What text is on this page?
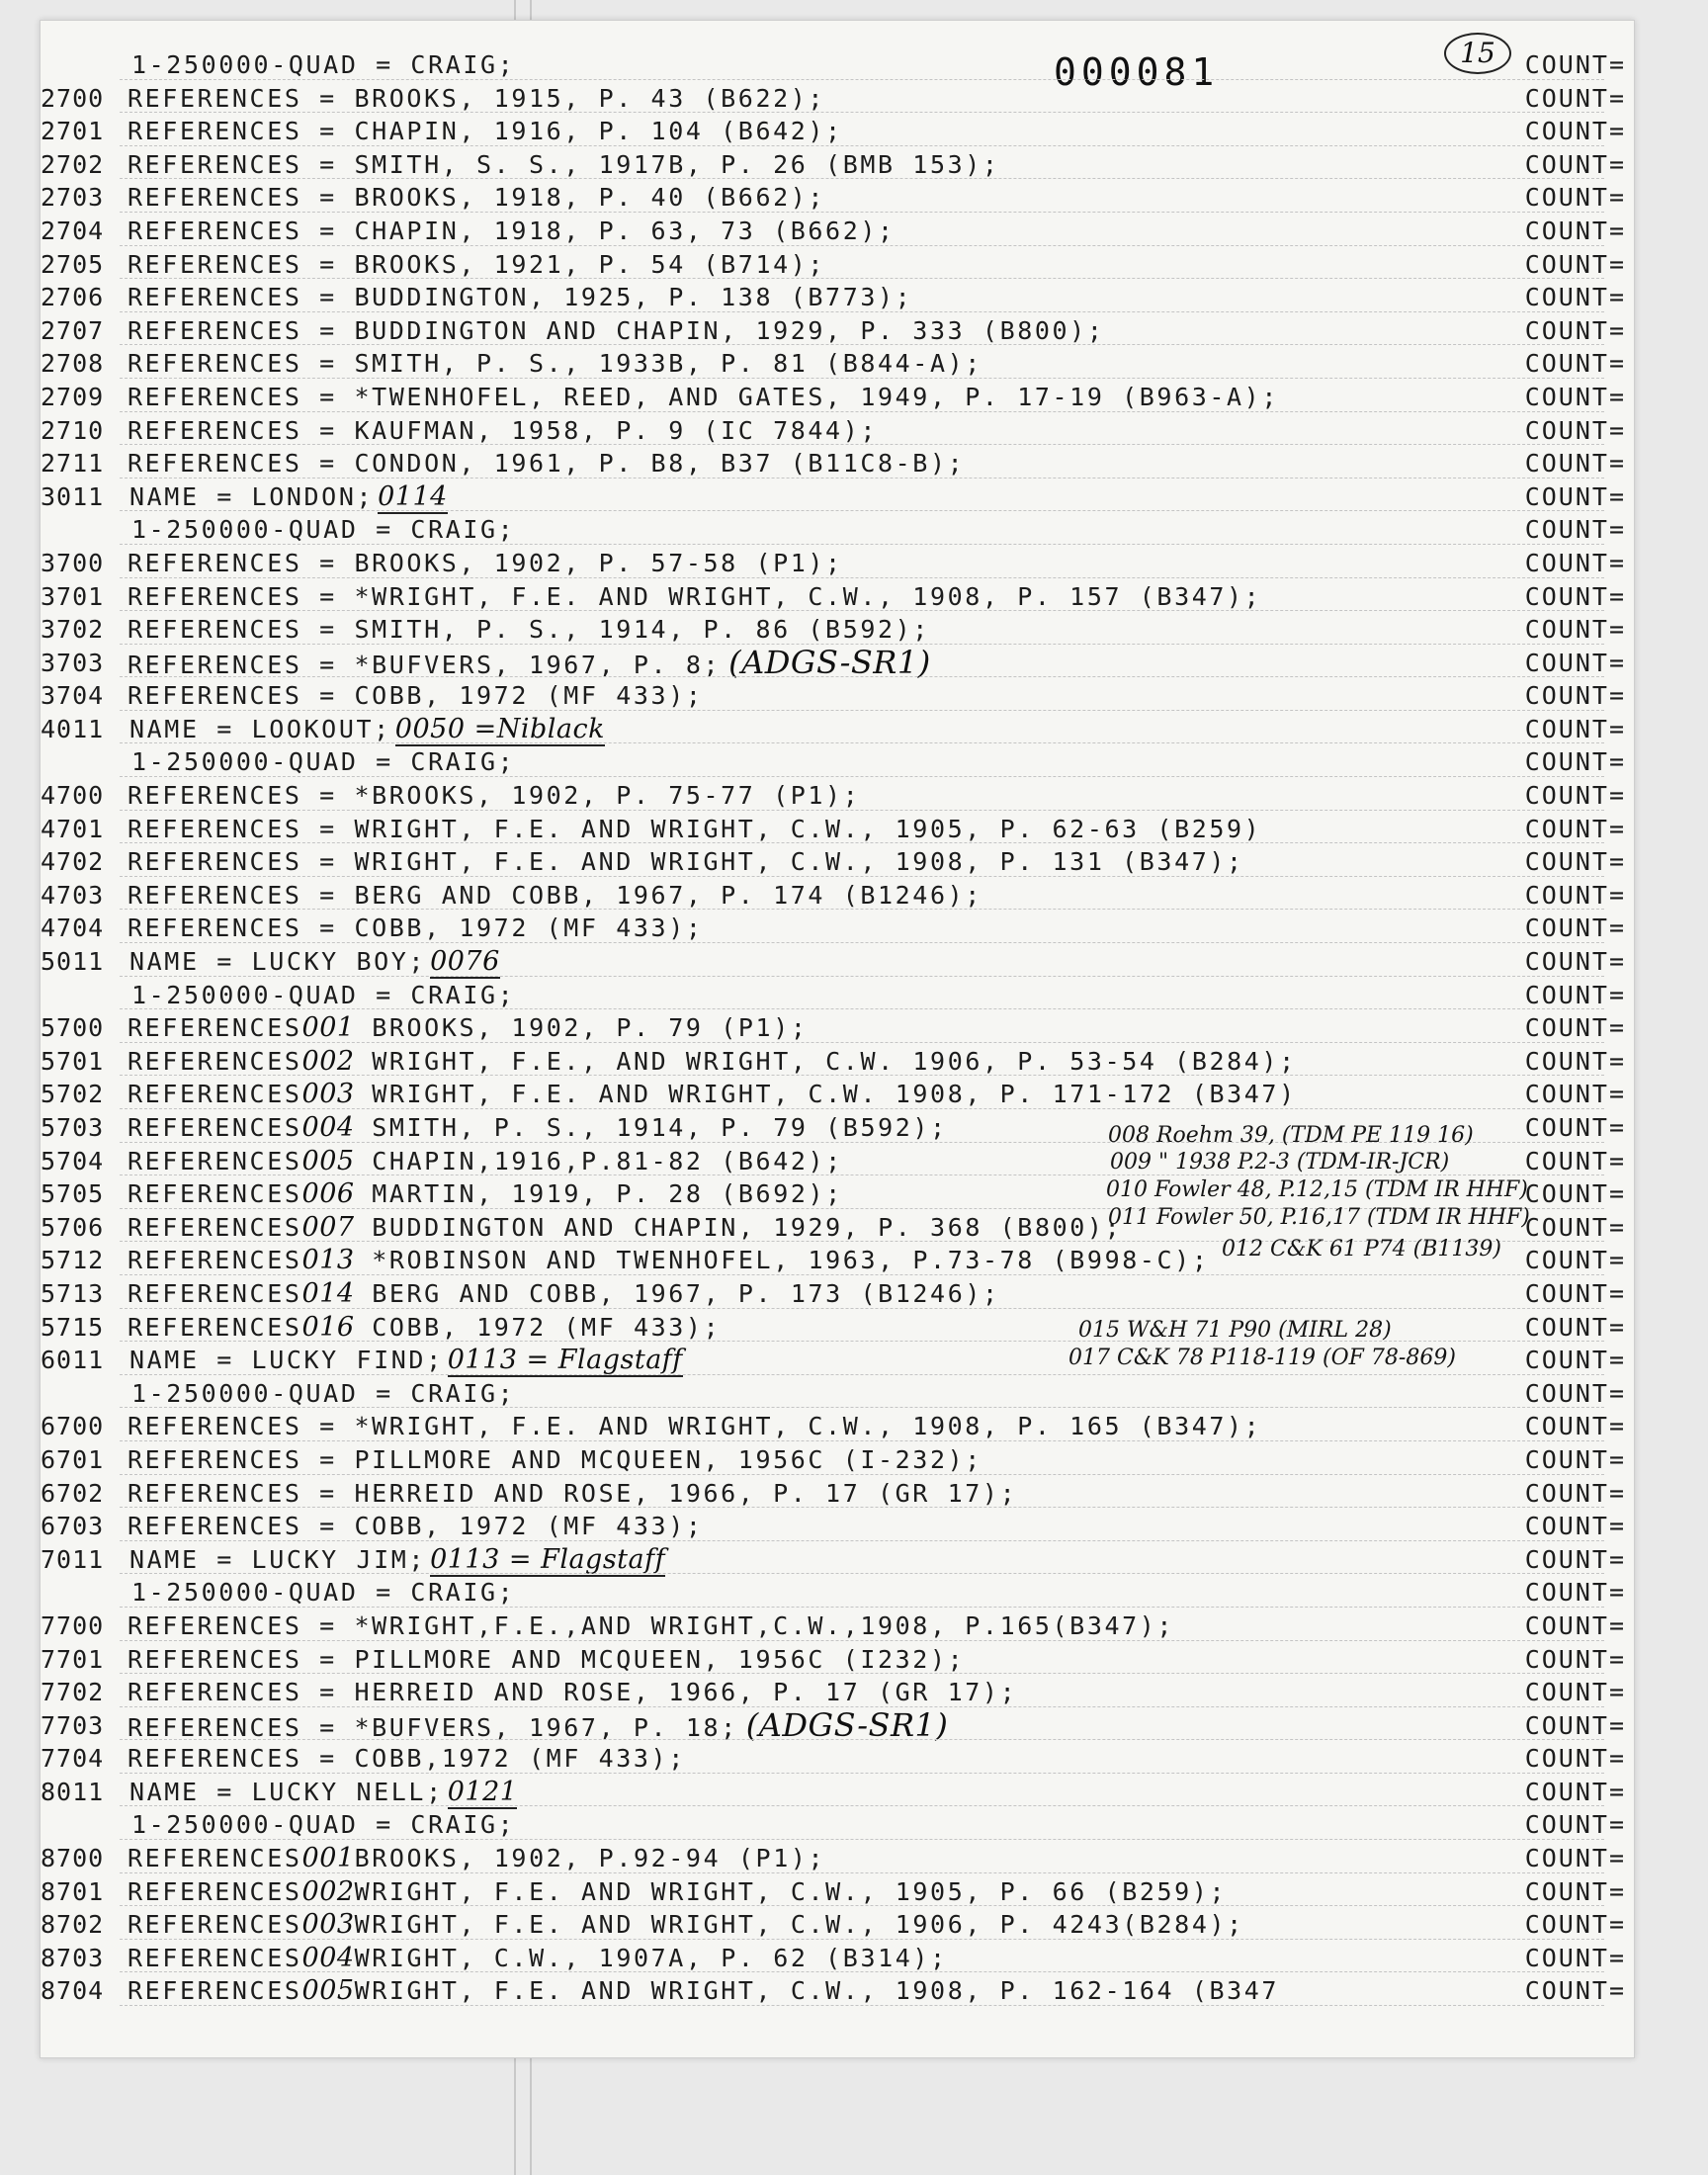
000081	15
1-250000-QUAD = CRAIG;	COUNT=
2700 REFERENCES = BROOKS, 1915, P. 43 (B622);	COUNT=
2701 REFERENCES = CHAPIN, 1916, P. 104 (B642);	COUNT=
2702 REFERENCES = SMITH, S. S., 1917B, P. 26 (BMB 153);	COUNT=
2703 REFERENCES = BROOKS, 1918, P. 40 (B662);	COUNT=
2704 REFERENCES = CHAPIN, 1918, P. 63, 73 (B662);	COUNT=
2705 REFERENCES = BROOKS, 1921, P. 54 (B714);	COUNT=
2706 REFERENCES = BUDDINGTON, 1925, P. 138 (B773);	COUNT=
2707 REFERENCES = BUDDINGTON AND CHAPIN, 1929, P. 333 (B800);	COUNT=
2708 REFERENCES = SMITH, P. S., 1933B, P. 81 (B844-A);	COUNT=
2709 REFERENCES = *TWENHOFEL, REED, AND GATES, 1949, P. 17-19 (B963-A);	COUNT=
2710 REFERENCES = KAUFMAN, 1958, P. 9 (IC 7844);	COUNT=
2711 REFERENCES = CONDON, 1961, P. B8, B37 (B11C8-B);	COUNT=
3011	NAME = LONDON; 0114	COUNT=
1-250000-QUAD = CRAIG;	COUNT=
3700 REFERENCES = BROOKS, 1902, P. 57-58 (P1);	COUNT=
3701 REFERENCES = *WRIGHT, F.E. AND WRIGHT, C.W., 1908, P. 157 (B347);	COUNT=
3702 REFERENCES = SMITH, P. S., 1914, P. 86 (B592);	COUNT=
3703 REFERENCES = *BUFVERS, 1967, P. 8; (ADGS-SR1)	COUNT=
3704 REFERENCES = COBB, 1972 (MF 433);	COUNT=
4011	NAME = LOOKOUT; 0050 =Niblack	COUNT=
1-250000-QUAD = CRAIG;	COUNT=
4700 REFERENCES = *BROOKS, 1902, P. 75-77 (P1);	COUNT=
4701 REFERENCES = WRIGHT, F.E. AND WRIGHT, C.W., 1905, P. 62-63 (B259)	COUNT=
4702 REFERENCES = WRIGHT, F.E. AND WRIGHT, C.W., 1908, P. 131 (B347);	COUNT=
4703 REFERENCES = BERG AND COBB, 1967, P. 174 (B1246);	COUNT=
4704 REFERENCES = COBB, 1972 (MF 433);	COUNT=
5011	NAME = LUCKY BOY; 0076	COUNT=
1-250000-QUAD = CRAIG;	COUNT=
5700 REFERENCES001 BROOKS, 1902, P. 79 (P1);	COUNT=
5701 REFERENCES002 WRIGHT, F.E., AND WRIGHT, C.W. 1906, P. 53-54 (B284);	COUNT=
5702 REFERENCES003 WRIGHT, F.E. AND WRIGHT, C.W. 1908, P. 171-172 (B347)	COUNT=
5703 REFERENCES004 SMITH, P. S., 1914, P. 79 (B592);	COUNT=
5704 REFERENCES005 CHAPIN,1916,P.81-82 (B642);	COUNT=
5705 REFERENCES006 MARTIN, 1919, P. 28 (B692);	COUNT=
5706 REFERENCES007 BUDDINGTON AND CHAPIN, 1929, P. 368 (B800);	COUNT=
5712 REFERENCES013 *ROBINSON AND TWENHOFEL, 1963, P.73-78 (B998-C);	COUNT=
5713 REFERENCES014 BERG AND COBB, 1967, P. 173 (B1246);	COUNT=
5715 REFERENCES016 COBB, 1972 (MF 433);	COUNT=
6011	NAME = LUCKY FIND; 0113 = Flagstaff	COUNT=
1-250000-QUAD = CRAIG;	COUNT=
6700 REFERENCES = *WRIGHT, F.E. AND WRIGHT, C.W., 1908, P. 165 (B347);	COUNT=
6701 REFERENCES = PILLMORE AND MCQUEEN, 1956C (I-232);	COUNT=
6702 REFERENCES = HERREID AND ROSE, 1966, P. 17 (GR 17);	COUNT=
6703 REFERENCES = COBB, 1972 (MF 433);	COUNT=
7011	NAME = LUCKY JIM; 0113 = Flagstaff	COUNT=
1-250000-QUAD = CRAIG;	COUNT=
7700 REFERENCES = *WRIGHT,F.E.,AND WRIGHT,C.W.,1908, P.165(B347);	COUNT=
7701 REFERENCES = PILLMORE AND MCQUEEN, 1956C (I232);	COUNT=
7702 REFERENCES = HERREID AND ROSE, 1966, P. 17 (GR 17);	COUNT=
7703 REFERENCES = *BUFVERS, 1967, P. 18; (ADGS-SR1)	COUNT=
7704 REFERENCES = COBB,1972 (MF 433);	COUNT=
8011	NAME = LUCKY NELL; 0121	COUNT=
1-250000-QUAD = CRAIG;	COUNT=
8700 REFERENCES001BROOKS, 1902, P.92-94 (P1);	COUNT=
8701 REFERENCES002WRIGHT, F.E. AND WRIGHT, C.W., 1905, P. 66 (B259);	COUNT=
8702 REFERENCES003WRIGHT, F.E. AND WRIGHT, C.W., 1906, P. 4243(B284);	COUNT=
8703 REFERENCES004WRIGHT, C.W., 1907A, P. 62 (B314);	COUNT=
8704 REFERENCES005WRIGHT, F.E. AND WRIGHT, C.W., 1908, P. 162-164 (B347	COUNT=
008 Roehm 39, (TDM PE 119 16)
009 " 1938 P.2-3 (TDM-IR-JCR)
010 Fowler 48, P.12,15 (TDM IR HHF)
011 Fowler 50, P.16,17 (TDM IR HHF)
012 C&K 61 P74 (B1139)
015 W&H 71 P90 (MIRL 28)
017 C&K 78 P118-119 (OF 78-869)
